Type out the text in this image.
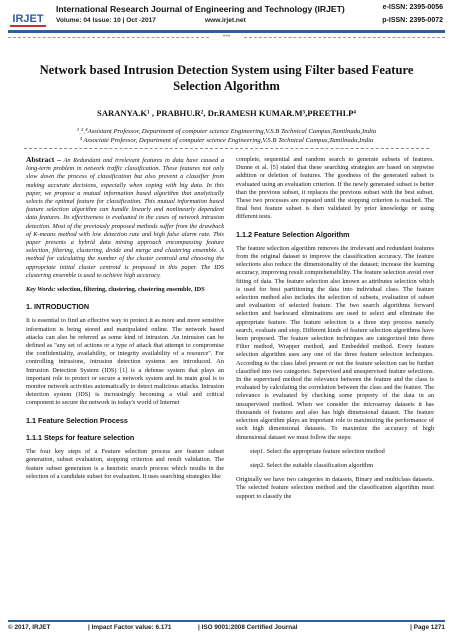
IRJET
International Research Journal of Engineering and Technology (IRJET)
Volume: 04 Issue: 10 | Oct -2017	www.irjet.net
e-ISSN: 2395-0056
p-ISSN: 2395-0072
***
Network based Intrusion Detection System using Filter based Feature Selection Algorithm
SARANYA.K¹ , PRABHU.R², Dr.RAMESH KUMAR.M³,PREETHI.P⁴
¹ˏ²ˏ⁴Assistant Professor, Department of computer science Engineering,V.S.B Technical Campus,Tamilnadu,India
³ Associate Professor, Department of computer science Engineering,V.S.B Technical Campus,Tamilnadu,India

Abstract – An Redundant and irrelevant features in data have caused a long-term problem in network traffic classification. These features not only slow down the process of classification but also prevent a classifier from making accurate decisions, especially when coping with big data. In this paper, we propose a mutual information based algorithm that analytically selects the optimal feature for classification. This mutual information based feature selection algorithm can handle linearly and nonlinearly dependent data features. Its effectiveness is evaluated in the cases of network intrusion detection. Most of the previously proposed methods suffer from the drawback of K-means method with low detection rate and high false alarm rate. This paper presents a hybrid data mining approach encompassing feature selection, filtering, clustering, divide and merge and clustering ensemble. A method for calculating the number of the cluster centroid and choosing the appropriate initial cluster centroid is proposed in this paper. The IDS clustering ensemble is used to achieve high accuracy.

Key Words: selection, filtering, clustering, clustering ensemble, IDS

1. INTRODUCTION

It is essential to find an effective way to protect it as more and more sensitive information is being stored and manipulated online. The network based attacks can also be referred as some kind of intrusion. An intrusion can be defined as "any set of actions or a type of attack that attempt to compromise the confidentiality, availability, or integrity availability of a resource". For controlling intrusions, intrusion detection systems are introduced. An Intrusion Detection System (IDS) [1] is a defense system that plays an important role to protect or secure a network system and its main goal is to monitor network activities automatically to detect malicious attacks. Intrusion detection system (IDS) is increasingly becoming a vital and critical component to secure the network in today's world of Internet

1.1 Feature Selection Process
1.1.1 Steps for feature selection

The four key steps of a Feature selection process are feature subset generation, subset evaluation, stopping criterion and result validation. The feature subset generation is a heuristic search process which results in the selection of a candidate subset for evaluation. It uses searching strategies like

complete, sequential and random search to generate subsets of features. Dunne et al. [5] stated that these searching strategies are based on stepwise addition or deletion of features. The goodness of the generated subset is evaluated using an evaluation criterion. If the newly generated subset is better than the previous subset, it replaces the previous subset with the best subset. These two processes are repeated until the stopping criterion is reached. The final best feature subset is then validated by prior knowledge or using different tests.

1.1.2 Feature Selection Algorithm

The feature selection algorithm removes the irrelevant and redundant features from the original dataset to improve the classification accuracy. The feature selections also reduce the dimensionality of the dataset; increase the learning accuracy, improving result comprehensibility. The feature selection avoid over fitting of data. The feature selection also known as attributes selection which is used for best partitioning the data into individual class. The feature selection method also includes the selection of subsets, evaluation of subset and evaluation of selected feature. The two search algorithms forward selection and backward eliminations are used to select and eliminate the appropriate feature. The feature selection is a three step process namely search, evaluate and stop. Different kinds of feature selection algorithms have been proposed. The feature selection techniques are categorized into three Filter method, Wrapper method, and Embedded method. Every feature selection algorithm uses any one of the three feature selection techniques. According to the class label present or not the feature selection can be further classified into two categories. Supervised and unsupervised feature selections. In the supervised method the relevance between the feature and the class is evaluated by calculating the correlation between the class and the feature. The relevance is evaluated by checking some property of the data in an unsupervised method. When we consider the microarray datasets it has thousands of features and also has high dimensional dataset. The feature selection algorithm plays an important role to maximizing the performance of such high dimensional datasets. To maximize the accuracy of high dimensional dataset we must follow the steps:

step1. Select the appropriate feature selection method

step2. Select the suitable classification algorithm

Originally we have two categories in datasets, Binary and multiclass datasets. The selected feature selection method and the classification algorithm must support to classify the

© 2017, IRJET	| Impact Factor value: 6.171	| ISO 9001:2008 Certified Journal	| Page 1271
